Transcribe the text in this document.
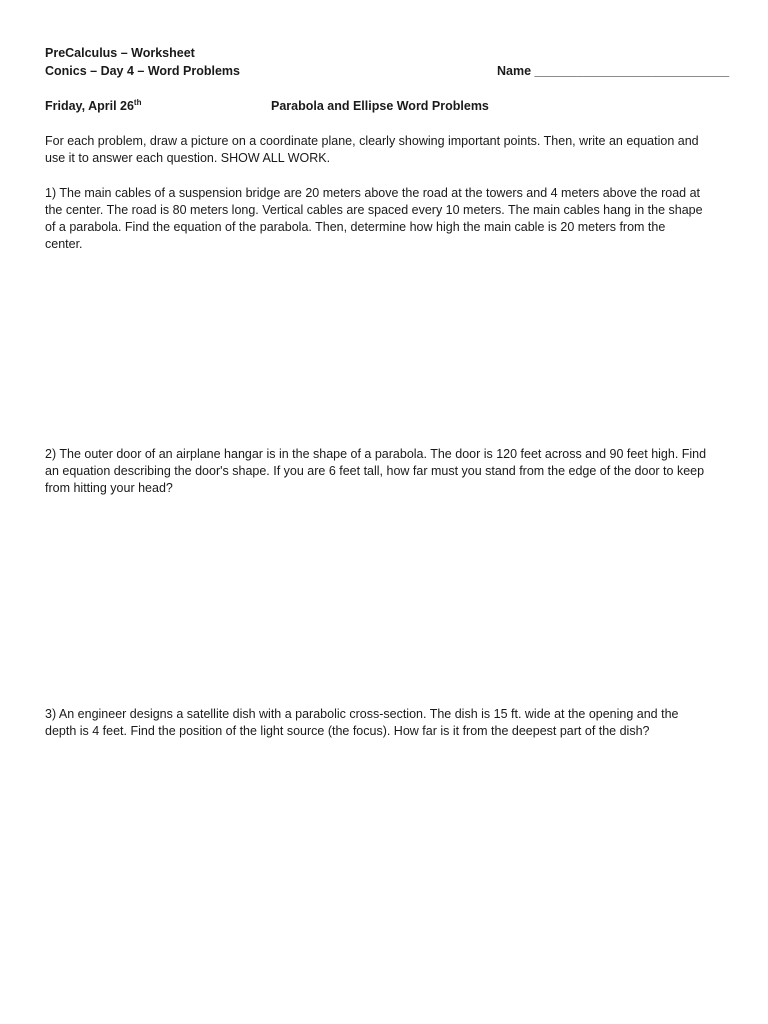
PreCalculus – Worksheet
Conics – Day 4 – Word Problems	Name ____________________________
Friday, April 26th	Parabola and Ellipse Word Problems
For each problem, draw a picture on a coordinate plane, clearly showing important points. Then, write an equation and
use it to answer each question. SHOW ALL WORK.
1) The main cables of a suspension bridge are 20 meters above the road at the towers and 4 meters above the road at
the center. The road is 80 meters long. Vertical cables are spaced every 10 meters. The main cables hang in the shape
of a parabola. Find the equation of the parabola. Then, determine how high the main cable is 20 meters from the
center.
2) The outer door of an airplane hangar is in the shape of a parabola. The door is 120 feet across and 90 feet high. Find
an equation describing the door's shape. If you are 6 feet tall, how far must you stand from the edge of the door to keep
from hitting your head?
3) An engineer designs a satellite dish with a parabolic cross-section. The dish is 15 ft. wide at the opening and the
depth is 4 feet. Find the position of the light source (the focus). How far is it from the deepest part of the dish?
